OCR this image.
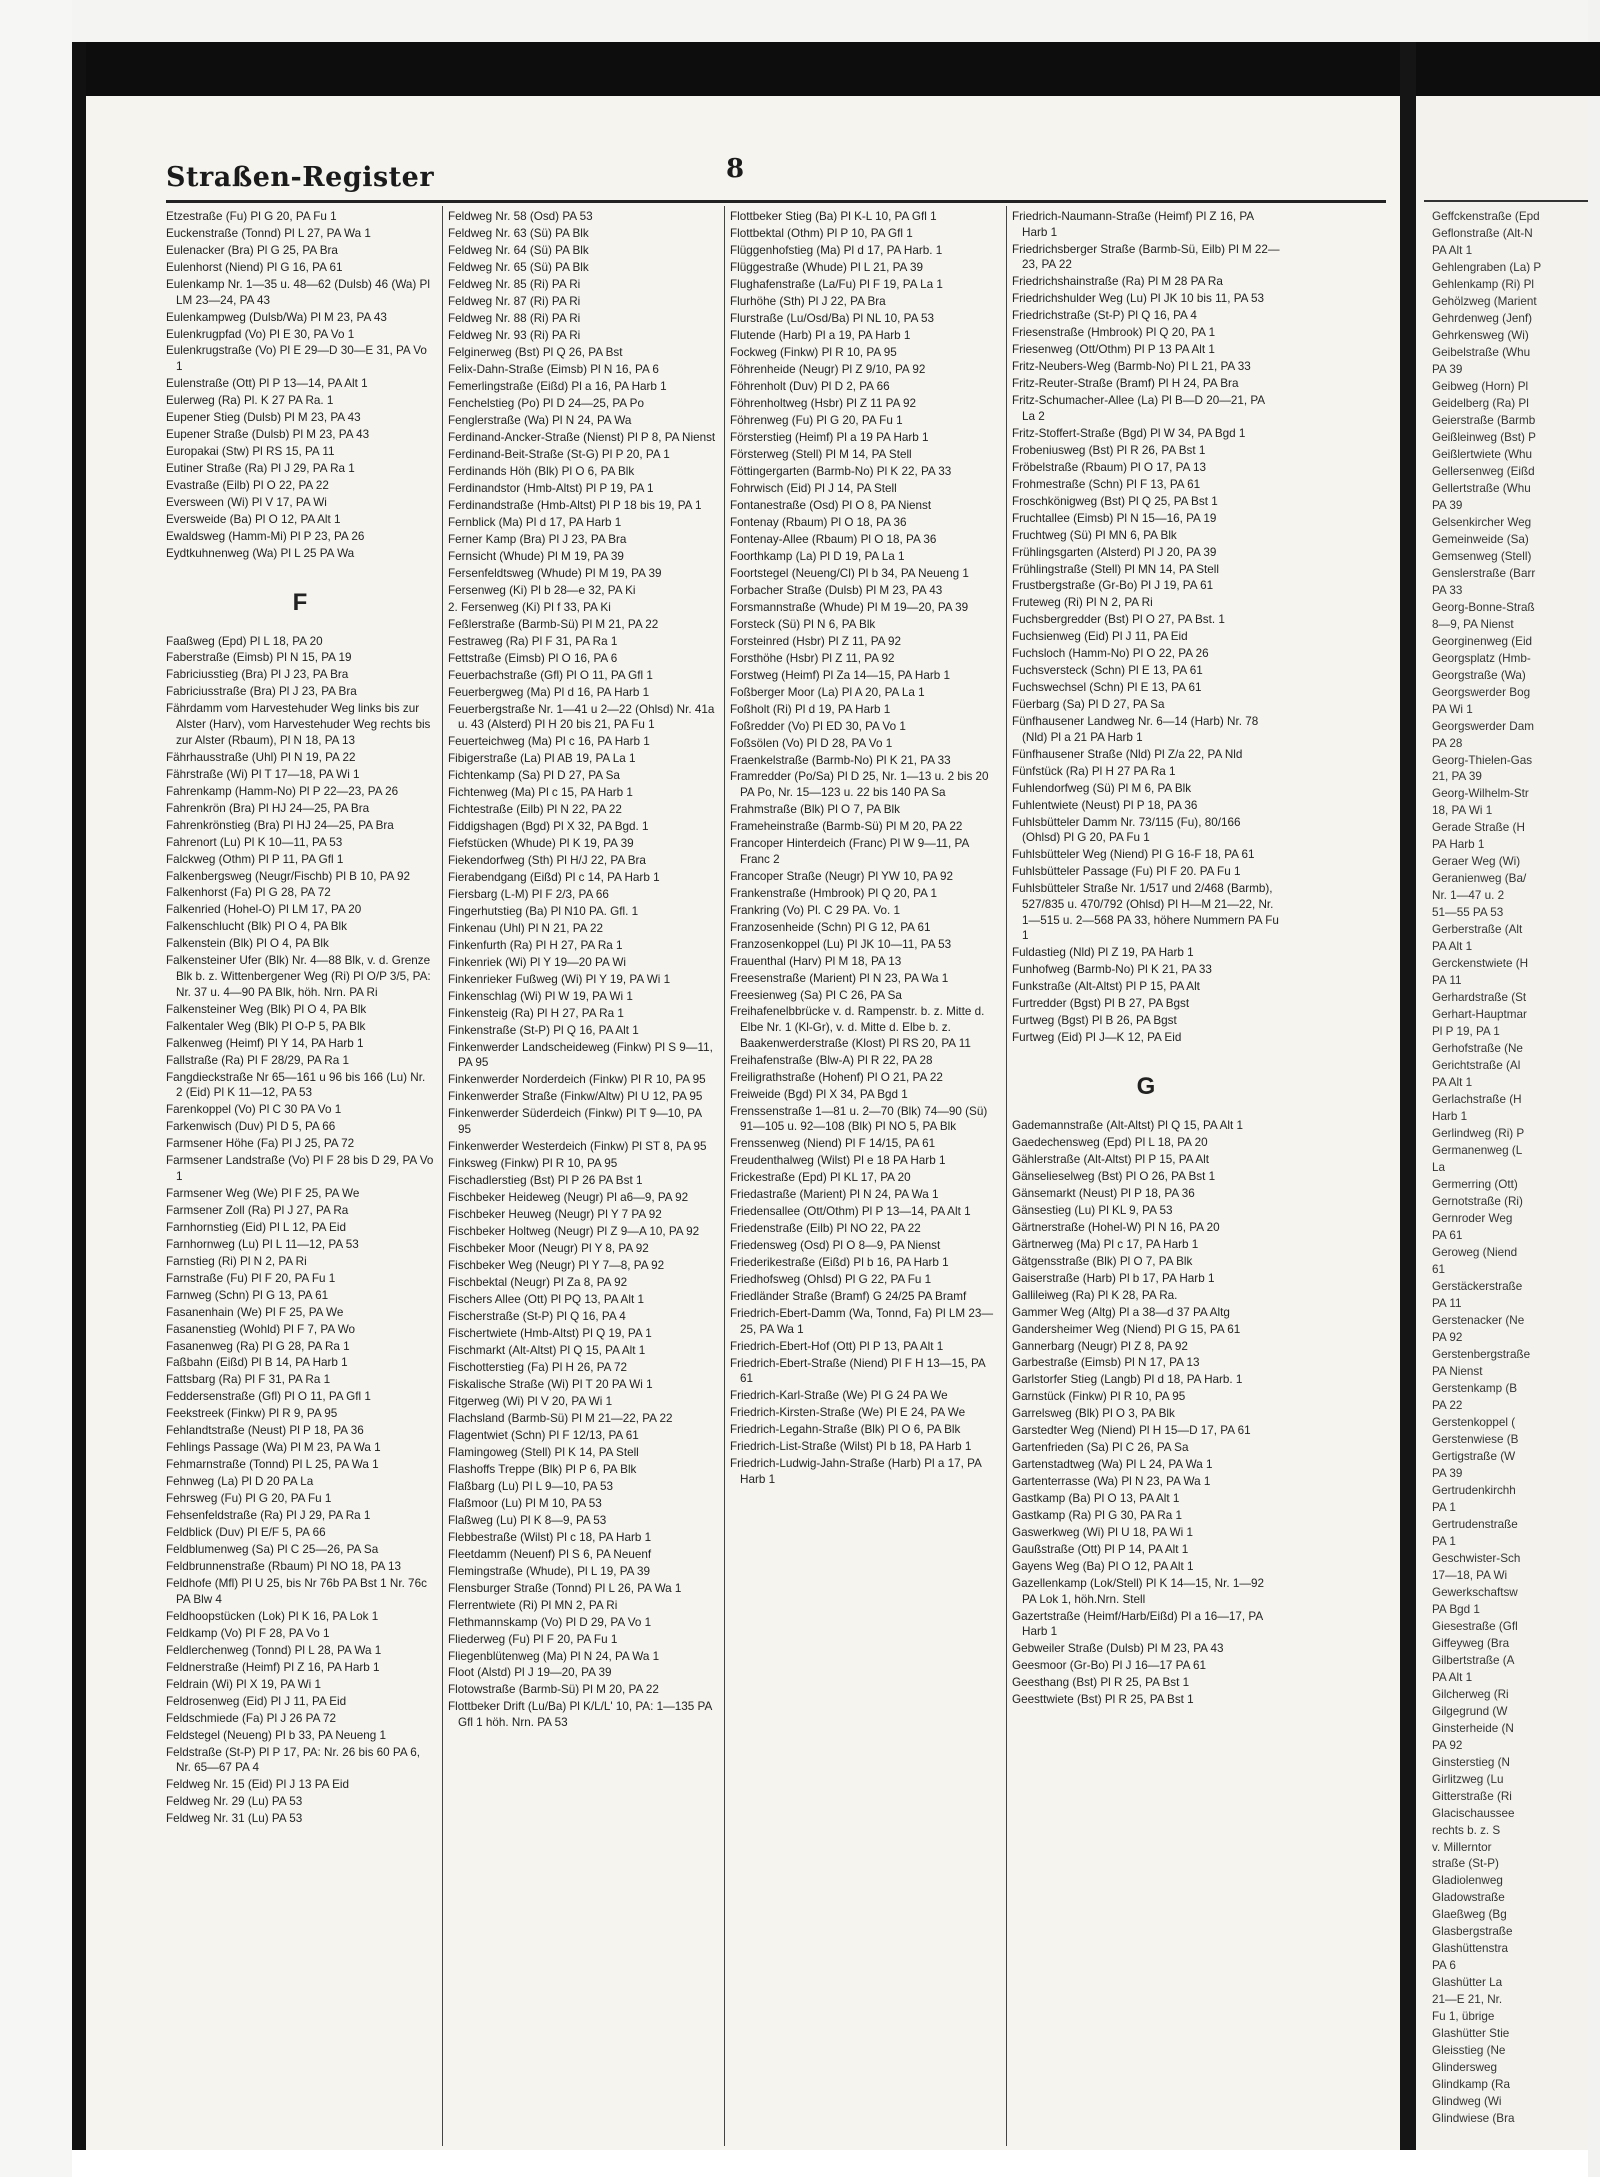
Straßen-Register	8

Etzestraße (Fu) Pl G 20, PA Fu 1

Euckenstraße (Tonnd) Pl L 27, PA Wa 1

Eulenacker (Bra) Pl G 25, PA Bra

Eulenhorst (Niend) Pl G 16, PA 61

Eulenkamp Nr. 1—35 u. 48—62 (Dulsb) 46 (Wa) Pl LM 23—24, PA 43

Eulenkampweg (Dulsb/Wa) Pl M 23, PA 43

Eulenkrugpfad (Vo) Pl E 30, PA Vo 1

Eulenkrugstraße (Vo) Pl E 29—D 30—E 31, PA Vo 1

Eulenstraße (Ott) Pl P 13—14, PA Alt 1

Eulerweg (Ra) Pl. K 27 PA Ra. 1

Eupener Stieg (Dulsb) Pl M 23, PA 43

Eupener Straße (Dulsb) Pl M 23, PA 43

Europakai (Stw) Pl RS 15, PA 11

Eutiner Straße (Ra) Pl J 29, PA Ra 1

Evastraße (Eilb) Pl O 22, PA 22

Eversween (Wi) Pl V 17, PA Wi

Eversweide (Ba) Pl O 12, PA Alt 1

Ewaldsweg (Hamm-Mi) Pl P 23, PA 26

Eydtkuhnenweg (Wa) Pl L 25 PA Wa

F

Faaßweg (Epd) Pl L 18, PA 20

Faberstraße (Eimsb) Pl N 15, PA 19

Fabriciusstieg (Bra) Pl J 23, PA Bra

Fabriciusstraße (Bra) Pl J 23, PA Bra

Fährdamm vom Harvestehuder Weg links bis zur Alster (Harv), vom Harvestehuder Weg rechts bis zur Alster (Rbaum), Pl N 18, PA 13

Fährhausstraße (Uhl) Pl N 19, PA 22

Fährstraße (Wi) Pl T 17—18, PA Wi 1

Fahrenkamp (Hamm-No) Pl P 22—23, PA 26

Fahrenkrön (Bra) Pl HJ 24—25, PA Bra

Fahrenkrönstieg (Bra) Pl HJ 24—25, PA Bra

Fahrenort (Lu) Pl K 10—11, PA 53

Falckweg (Othm) Pl P 11, PA Gfl 1

Falkenbergsweg (Neugr/Fischb) Pl B 10, PA 92

Falkenhorst (Fa) Pl G 28, PA 72

Falkenried (Hohel-O) Pl LM 17, PA 20

Falkenschlucht (Blk) Pl O 4, PA Blk

Falkenstein (Blk) Pl O 4, PA Blk

Falkensteiner Ufer (Blk) Nr. 4—88 Blk, v. d. Grenze Blk b. z. Wittenbergener Weg (Ri) Pl O/P 3/5, PA: Nr. 37 u. 4—90 PA Blk, höh. Nrn. PA Ri

Falkensteiner Weg (Blk) Pl O 4, PA Blk

Falkentaler Weg (Blk) Pl O-P 5, PA Blk

Falkenweg (Heimf) Pl Y 14, PA Harb 1

Fallstraße (Ra) Pl F 28/29, PA Ra 1

Fangdieckstraße Nr 65—161 u 96 bis 166 (Lu) Nr. 2 (Eid) Pl K 11—12, PA 53

Farenkoppel (Vo) Pl C 30 PA Vo 1

Farkenwisch (Duv) Pl D 5, PA 66

Farmsener Höhe (Fa) Pl J 25, PA 72

Farmsener Landstraße (Vo) Pl F 28 bis D 29, PA Vo 1

Farmsener Weg (We) Pl F 25, PA We

Farmsener Zoll (Ra) Pl J 27, PA Ra

Farnhornstieg (Eid) Pl L 12, PA Eid

Farnhornweg (Lu) Pl L 11—12, PA 53

Farnstieg (Ri) Pl N 2, PA Ri

Farnstraße (Fu) Pl F 20, PA Fu 1

Farnweg (Schn) Pl G 13, PA 61

Fasanenhain (We) Pl F 25, PA We

Fasanenstieg (Wohld) Pl F 7, PA Wo

Fasanenweg (Ra) Pl G 28, PA Ra 1

Faßbahn (Eißd) Pl B 14, PA Harb 1

Fattsbarg (Ra) Pl F 31, PA Ra 1

Feddersenstraße (Gfl) Pl O 11, PA Gfl 1

Feekstreek (Finkw) Pl R 9, PA 95

Fehlandtstraße (Neust) Pl P 18, PA 36

Fehlings Passage (Wa) Pl M 23, PA Wa 1

Fehmarnstraße (Tonnd) Pl L 25, PA Wa 1

Fehnweg (La) Pl D 20 PA La

Fehrsweg (Fu) Pl G 20, PA Fu 1

Fehsenfeldstraße (Ra) Pl J 29, PA Ra 1

Feldblick (Duv) Pl E/F 5, PA 66

Feldblumenweg (Sa) Pl C 25—26, PA Sa

Feldbrunnenstraße (Rbaum) Pl NO 18, PA 13

Feldhofe (Mfl) Pl U 25, bis Nr 76b PA Bst 1 Nr. 76c PA Blw 4

Feldhoopstücken (Lok) Pl K 16, PA Lok 1

Feldkamp (Vo) Pl F 28, PA Vo 1

Feldlerchenweg (Tonnd) Pl L 28, PA Wa 1

Feldnerstraße (Heimf) Pl Z 16, PA Harb 1

Feldrain (Wi) Pl X 19, PA Wi 1

Feldrosenweg (Eid) Pl J 11, PA Eid

Feldschmiede (Fa) Pl J 26 PA 72

Feldstegel (Neueng) Pl b 33, PA Neueng 1

Feldstraße (St-P) Pl P 17, PA: Nr. 26 bis 60 PA 6, Nr. 65—67 PA 4

Feldweg Nr. 15 (Eid) Pl J 13 PA Eid

Feldweg Nr. 29 (Lu) PA 53

Feldweg Nr. 31 (Lu) PA 53

Feldweg Nr. 58 (Osd) PA 53

Feldweg Nr. 63 (Sü) PA Blk

Feldweg Nr. 64 (Sü) PA Blk

Feldweg Nr. 65 (Sü) PA Blk

Feldweg Nr. 85 (Ri) PA Ri

Feldweg Nr. 87 (Ri) PA Ri

Feldweg Nr. 88 (Ri) PA Ri

Feldweg Nr. 93 (Ri) PA Ri

Felginerweg (Bst) Pl Q 26, PA Bst

Felix-Dahn-Straße (Eimsb) Pl N 16, PA 6

Femerlingstraße (Eißd) Pl a 16, PA Harb 1

Fenchelstieg (Po) Pl D 24—25, PA Po

Fenglerstraße (Wa) Pl N 24, PA Wa

Ferdinand-Ancker-Straße (Nienst) Pl P 8, PA Nienst

Ferdinand-Beit-Straße (St-G) Pl P 20, PA 1

Ferdinands Höh (Blk) Pl O 6, PA Blk

Ferdinandstor (Hmb-Altst) Pl P 19, PA 1

Ferdinandstraße (Hmb-Altst) Pl P 18 bis 19, PA 1

Fernblick (Ma) Pl d 17, PA Harb 1

Ferner Kamp (Bra) Pl J 23, PA Bra

Fernsicht (Whude) Pl M 19, PA 39

Fersenfeldtsweg (Whude) Pl M 19, PA 39

Fersenweg (Ki) Pl b 28—e 32, PA Ki

2. Fersenweg (Ki) Pl f 33, PA Ki

Feßlerstraße (Barmb-Sü) Pl M 21, PA 22

Festraweg (Ra) Pl F 31, PA Ra 1

Fettstraße (Eimsb) Pl O 16, PA 6

Feuerbachstraße (Gfl) Pl O 11, PA Gfl 1

Feuerbergweg (Ma) Pl d 16, PA Harb 1

Feuerbergstraße Nr. 1—41 u 2—22 (Ohlsd) Nr. 41a u. 43 (Alsterd) Pl H 20 bis 21, PA Fu 1

Feuerteichweg (Ma) Pl c 16, PA Harb 1

Fibigerstraße (La) Pl AB 19, PA La 1

Fichtenkamp (Sa) Pl D 27, PA Sa

Fichtenweg (Ma) Pl c 15, PA Harb 1

Fichtestraße (Eilb) Pl N 22, PA 22

Fiddigshagen (Bgd) Pl X 32, PA Bgd. 1

Fiefstücken (Whude) Pl K 19, PA 39

Fiekendorfweg (Sth) Pl H/J 22, PA Bra

Fierabendgang (Eißd) Pl c 14, PA Harb 1

Fiersbarg (L-M) Pl F 2/3, PA 66

Fingerhutstieg (Ba) Pl N10 PA. Gfl. 1

Finkenau (Uhl) Pl N 21, PA 22

Finkenfurth (Ra) Pl H 27, PA Ra 1

Finkenriek (Wi) Pl Y 19—20 PA Wi

Finkenrieker Fußweg (Wi) Pl Y 19, PA Wi 1

Finkenschlag (Wi) Pl W 19, PA Wi 1

Finkensteig (Ra) Pl H 27, PA Ra 1

Finkenstraße (St-P) Pl Q 16, PA Alt 1

Finkenwerder Landscheideweg (Finkw) Pl S 9—11, PA 95

Finkenwerder Norderdeich (Finkw) Pl R 10, PA 95

Finkenwerder Straße (Finkw/Altw) Pl U 12, PA 95

Finkenwerder Süderdeich (Finkw) Pl T 9—10, PA 95

Finkenwerder Westerdeich (Finkw) Pl ST 8, PA 95

Finksweg (Finkw) Pl R 10, PA 95

Fischadlerstieg (Bst) Pl P 26 PA Bst 1

Fischbeker Heideweg (Neugr) Pl a6—9, PA 92

Fischbeker Heuweg (Neugr) Pl Y 7 PA 92

Fischbeker Holtweg (Neugr) Pl Z 9—A 10, PA 92

Fischbeker Moor (Neugr) Pl Y 8, PA 92

Fischbeker Weg (Neugr) Pl Y 7—8, PA 92

Fischbektal (Neugr) Pl Za 8, PA 92

Fischers Allee (Ott) Pl PQ 13, PA Alt 1

Fischerstraße (St-P) Pl Q 16, PA 4

Fischertwiete (Hmb-Altst) Pl Q 19, PA 1

Fischmarkt (Alt-Altst) Pl Q 15, PA Alt 1

Fischotterstieg (Fa) Pl H 26, PA 72

Fiskalische Straße (Wi) Pl T 20 PA Wi 1

Fitgerweg (Wi) Pl V 20, PA Wi 1

Flachsland (Barmb-Sü) Pl M 21—22, PA 22

Flagentwiet (Schn) Pl F 12/13, PA 61

Flamingoweg (Stell) Pl K 14, PA Stell

Flashoffs Treppe (Blk) Pl P 6, PA Blk

Flaßbarg (Lu) Pl L 9—10, PA 53

Flaßmoor (Lu) Pl M 10, PA 53

Flaßweg (Lu) Pl K 8—9, PA 53

Flebbestraße (Wilst) Pl c 18, PA Harb 1

Fleetdamm (Neuenf) Pl S 6, PA Neuenf

Flemingstraße (Whude), Pl L 19, PA 39

Flensburger Straße (Tonnd) Pl L 26, PA Wa 1

Flerrentwiete (Ri) Pl MN 2, PA Ri

Flethmannskamp (Vo) Pl D 29, PA Vo 1

Fliederweg (Fu) Pl F 20, PA Fu 1

Fliegenblütenweg (Ma) Pl N 24, PA Wa 1

Floot (Alstd) Pl J 19—20, PA 39

Flotowstraße (Barmb-Sü) Pl M 20, PA 22

Flottbeker Drift (Lu/Ba) Pl K/L/L' 10, PA: 1—135 PA Gfl 1 höh. Nrn. PA 53

Flottbeker Stieg (Ba) Pl K-L 10, PA Gfl 1

Flottbektal (Othm) Pl P 10, PA Gfl 1

Flüggenhofstieg (Ma) Pl d 17, PA Harb. 1

Flüggestraße (Whude) Pl L 21, PA 39

Flughafenstraße (La/Fu) Pl F 19, PA La 1

Flurhöhe (Sth) Pl J 22, PA Bra

Flurstraße (Lu/Osd/Ba) Pl NL 10, PA 53

Flutende (Harb) Pl a 19, PA Harb 1

Fockweg (Finkw) Pl R 10, PA 95

Föhrenheide (Neugr) Pl Z 9/10, PA 92

Föhrenholt (Duv) Pl D 2, PA 66

Föhrenholtweg (Hsbr) Pl Z 11 PA 92

Föhrenweg (Fu) Pl G 20, PA Fu 1

Försterstieg (Heimf) Pl a 19 PA Harb 1

Försterweg (Stell) Pl M 14, PA Stell

Föttingergarten (Barmb-No) Pl K 22, PA 33

Fohrwisch (Eid) Pl J 14, PA Stell

Fontanestraße (Osd) Pl O 8, PA Nienst

Fontenay (Rbaum) Pl O 18, PA 36

Fontenay-Allee (Rbaum) Pl O 18, PA 36

Foorthkamp (La) Pl D 19, PA La 1

Foortstegel (Neueng/Cl) Pl b 34, PA Neueng 1

Forbacher Straße (Dulsb) Pl M 23, PA 43

Forsmannstraße (Whude) Pl M 19—20, PA 39

Forsteck (Sü) Pl N 6, PA Blk

Forsteinred (Hsbr) Pl Z 11, PA 92

Forsthöhe (Hsbr) Pl Z 11, PA 92

Forstweg (Heimf) Pl Za 14—15, PA Harb 1

Foßberger Moor (La) Pl A 20, PA La 1

Foßholt (Ri) Pl d 19, PA Harb 1

Foßredder (Vo) Pl ED 30, PA Vo 1

Foßsölen (Vo) Pl D 28, PA Vo 1

Fraenkelstraße (Barmb-No) Pl K 21, PA 33

Framredder (Po/Sa) Pl D 25, Nr. 1—13 u. 2 bis 20 PA Po, Nr. 15—123 u. 22 bis 140 PA Sa

Frahmstraße (Blk) Pl O 7, PA Blk

Frameheinstraße (Barmb-Sü) Pl M 20, PA 22

Francoper Hinterdeich (Franc) Pl W 9—11, PA Franc 2

Francoper Straße (Neugr) Pl YW 10, PA 92

Frankenstraße (Hmbrook) Pl Q 20, PA 1

Frankring (Vo) Pl. C 29 PA. Vo. 1

Franzosenheide (Schn) Pl G 12, PA 61

Franzosenkoppel (Lu) Pl JK 10—11, PA 53

Frauenthal (Harv) Pl M 18, PA 13

Freesenstraße (Marient) Pl N 23, PA Wa 1

Freesienweg (Sa) Pl C 26, PA Sa

Freihafenelbbrücke v. d. Rampenstr. b. z. Mitte d. Elbe Nr. 1 (Kl-Gr), v. d. Mitte d. Elbe b. z. Baakenwerderstraße (Klost) Pl RS 20, PA 11

Freihafenstraße (Blw-A) Pl R 22, PA 28

Freiligrathstraße (Hohenf) Pl O 21, PA 22

Freiweide (Bgd) Pl X 34, PA Bgd 1

Frenssenstraße 1—81 u. 2—70 (Blk) 74—90 (Sü) 91—105 u. 92—108 (Blk) Pl NO 5, PA Blk

Frenssenweg (Niend) Pl F 14/15, PA 61

Freudenthalweg (Wilst) Pl e 18 PA Harb 1

Frickestraße (Epd) Pl KL 17, PA 20

Friedastraße (Marient) Pl N 24, PA Wa 1

Friedensallee (Ott/Othm) Pl P 13—14, PA Alt 1

Friedenstraße (Eilb) Pl NO 22, PA 22

Friedensweg (Osd) Pl O 8—9, PA Nienst

Friederikestraße (Eißd) Pl b 16, PA Harb 1

Friedhofsweg (Ohlsd) Pl G 22, PA Fu 1

Friedländer Straße (Bramf) G 24/25 PA Bramf

Friedrich-Ebert-Damm (Wa, Tonnd, Fa) Pl LM 23—25, PA Wa 1

Friedrich-Ebert-Hof (Ott) Pl P 13, PA Alt 1

Friedrich-Ebert-Straße (Niend) Pl F H 13—15, PA 61

Friedrich-Karl-Straße (We) Pl G 24 PA We

Friedrich-Kirsten-Straße (We) Pl E 24, PA We

Friedrich-Legahn-Straße (Blk) Pl O 6, PA Blk

Friedrich-List-Straße (Wilst) Pl b 18, PA Harb 1

Friedrich-Ludwig-Jahn-Straße (Harb) Pl a 17, PA Harb 1

Friedrich-Naumann-Straße (Heimf) Pl Z 16, PA Harb 1

Friedrichsberger Straße (Barmb-Sü, Eilb) Pl M 22—23, PA 22

Friedrichshainstraße (Ra) Pl M 28 PA Ra

Friedrichshulder Weg (Lu) Pl JK 10 bis 11, PA 53

Friedrichstraße (St-P) Pl Q 16, PA 4

Friesenstraße (Hmbrook) Pl Q 20, PA 1

Friesenweg (Ott/Othm) Pl P 13 PA Alt 1

Fritz-Neubers-Weg (Barmb-No) Pl L 21, PA 33

Fritz-Reuter-Straße (Bramf) Pl H 24, PA Bra

Fritz-Schumacher-Allee (La) Pl B—D 20—21, PA La 2

Fritz-Stoffert-Straße (Bgd) Pl W 34, PA Bgd 1

Frobeniusweg (Bst) Pl R 26, PA Bst 1

Fröbelstraße (Rbaum) Pl O 17, PA 13

Frohmestraße (Schn) Pl F 13, PA 61

Froschkönigweg (Bst) Pl Q 25, PA Bst 1

Fruchtallee (Eimsb) Pl N 15—16, PA 19

Fruchtweg (Sü) Pl MN 6, PA Blk

Frühlingsgarten (Alsterd) Pl J 20, PA 39

Frühlingstraße (Stell) Pl MN 14, PA Stell

Frustbergstraße (Gr-Bo) Pl J 19, PA 61

Fruteweg (Ri) Pl N 2, PA Ri

Fuchsbergredder (Bst) Pl O 27, PA Bst. 1

Fuchsienweg (Eid) Pl J 11, PA Eid

Fuchsloch (Hamm-No) Pl O 22, PA 26

Fuchsversteck (Schn) Pl E 13, PA 61

Fuchswechsel (Schn) Pl E 13, PA 61

Füerbarg (Sa) Pl D 27, PA Sa

Fünfhausener Landweg Nr. 6—14 (Harb) Nr. 78 (Nld) Pl a 21 PA Harb 1

Fünfhausener Straße (Nld) Pl Z/a 22, PA Nld

Fünfstück (Ra) Pl H 27 PA Ra 1

Fuhlendorfweg (Sü) Pl M 6, PA Blk

Fuhlentwiete (Neust) Pl P 18, PA 36

Fuhlsbütteler Damm Nr. 73/115 (Fu), 80/166 (Ohlsd) Pl G 20, PA Fu 1

Fuhlsbütteler Weg (Niend) Pl G 16-F 18, PA 61

Fuhlsbütteler Passage (Fu) Pl F 20. PA Fu 1

Fuhlsbütteler Straße Nr. 1/517 und 2/468 (Barmb), 527/835 u. 470/792 (Ohlsd) Pl H—M 21—22, Nr. 1—515 u. 2—568 PA 33, höhere Nummern PA Fu 1

Fuldastieg (Nld) Pl Z 19, PA Harb 1

Funhofweg (Barmb-No) Pl K 21, PA 33

Funkstraße (Alt-Altst) Pl P 15, PA Alt

Furtredder (Bgst) Pl B 27, PA Bgst

Furtweg (Bgst) Pl B 26, PA Bgst

Furtweg (Eid) Pl J—K 12, PA Eid

G

Gademannstraße (Alt-Altst) Pl Q 15, PA Alt 1

Gaedechensweg (Epd) Pl L 18, PA 20

Gählerstraße (Alt-Altst) Pl P 15, PA Alt

Gänselieselweg (Bst) Pl O 26, PA Bst 1

Gänsemarkt (Neust) Pl P 18, PA 36

Gänsestieg (Lu) Pl KL 9, PA 53

Gärtnerstraße (Hohel-W) Pl N 16, PA 20

Gärtnerweg (Ma) Pl c 17, PA Harb 1

Gätgensstraße (Blk) Pl O 7, PA Blk

Gaiserstraße (Harb) Pl b 17, PA Harb 1

Gallileiweg (Ra) Pl K 28, PA Ra.

Gammer Weg (Altg) Pl a 38—d 37 PA Altg

Gandersheimer Weg (Niend) Pl G 15, PA 61

Gannerbarg (Neugr) Pl Z 8, PA 92

Garbestraße (Eimsb) Pl N 17, PA 13

Garlstorfer Stieg (Langb) Pl d 18, PA Harb. 1

Garnstück (Finkw) Pl R 10, PA 95

Garrelsweg (Blk) Pl O 3, PA Blk

Garstedter Weg (Niend) Pl H 15—D 17, PA 61

Gartenfrieden (Sa) Pl C 26, PA Sa

Gartenstadtweg (Wa) Pl L 24, PA Wa 1

Gartenterrasse (Wa) Pl N 23, PA Wa 1

Gastkamp (Ba) Pl O 13, PA Alt 1

Gastkamp (Ra) Pl G 30, PA Ra 1

Gaswerkweg (Wi) Pl U 18, PA Wi 1

Gaußstraße (Ott) Pl P 14, PA Alt 1

Gayens Weg (Ba) Pl O 12, PA Alt 1

Gazellenkamp (Lok/Stell) Pl K 14—15, Nr. 1—92 PA Lok 1, höh.Nrn. Stell

Gazertstraße (Heimf/Harb/Eißd) Pl a 16—17, PA Harb 1

Gebweiler Straße (Dulsb) Pl M 23, PA 43

Geesmoor (Gr-Bo) Pl J 16—17 PA 61

Geesthang (Bst) Pl R 25, PA Bst 1

Geesttwiete (Bst) Pl R 25, PA Bst 1

Geffckenstraße (Epd

Geflonstraße (Alt-N

PA Alt 1

Gehlengraben (La) P

Gehlenkamp (Ri) Pl

Gehölzweg (Marient

Gehrdenweg (Jenf)

Gehrkensweg (Wi)

Geibelstraße (Whu

PA 39

Geibweg (Horn) Pl

Geidelberg (Ra) Pl

Geierstraße (Barmb

Geißleinweg (Bst) P

Geißlertwiete (Whu

Gellersenweg (Eißd

Gellertstraße (Whu

PA 39

Gelsenkircher Weg

Gemeinweide (Sa)

Gemsenweg (Stell)

Genslerstraße (Barr

PA 33

Georg-Bonne-Straß

8—9, PA Nienst

Georginenweg (Eid

Georgsplatz (Hmb-

Georgstraße (Wa)

Georgswerder Bog

PA Wi 1

Georgswerder Dam

PA 28

Georg-Thielen-Gas

21, PA 39

Georg-Wilhelm-Str

18, PA Wi 1

Gerade Straße (H

PA Harb 1

Geraer Weg (Wi)

Geranienweg (Ba/

Nr. 1—47 u. 2

51—55 PA 53

Gerberstraße (Alt

PA Alt 1

Gerckenstwiete (H

PA 11

Gerhardstraße (St

Gerhart-Hauptmar

Pl P 19, PA 1

Gerhofstraße (Ne

Gerichtstraße (Al

PA Alt 1

Gerlachstraße (H

Harb 1

Gerlindweg (Ri) P

Germanenweg (L

La

Germerring (Ott)

Gernotstraße (Ri)

Gernroder Weg

PA 61

Geroweg (Niend

61

Gerstäckerstraße

PA 11

Gerstenacker (Ne

PA 92

Gerstenbergstraße

PA Nienst

Gerstenkamp (B

PA 22

Gerstenkoppel (

Gerstenwiese (B

Gertigstraße (W

PA 39

Gertrudenkirchh

PA 1

Gertrudenstraße

PA 1

Geschwister-Sch

17—18, PA Wi

Gewerkschaftsw

PA Bgd 1

Giesestraße (Gfl

Giffeyweg (Bra

Gilbertstraße (A

PA Alt 1

Gilcherweg (Ri

Gilgegrund (W

Ginsterheide (N

PA 92

Ginsterstieg (N

Girlitzweg (Lu

Gitterstraße (Ri

Glacischaussee

rechts b. z. S

v. Millerntor

straße (St-P)

Gladiolenweg

Gladowstraße

Glaeßweg (Bg

Glasbergstraße

Glashüttenstra

PA 6

Glashütter La

21—E 21, Nr.

Fu 1, übrige

Glashütter Stie

Gleisstieg (Ne

Glindersweg

Glindkamp (Ra

Glindweg (Wi

Glindwiese (Bra
